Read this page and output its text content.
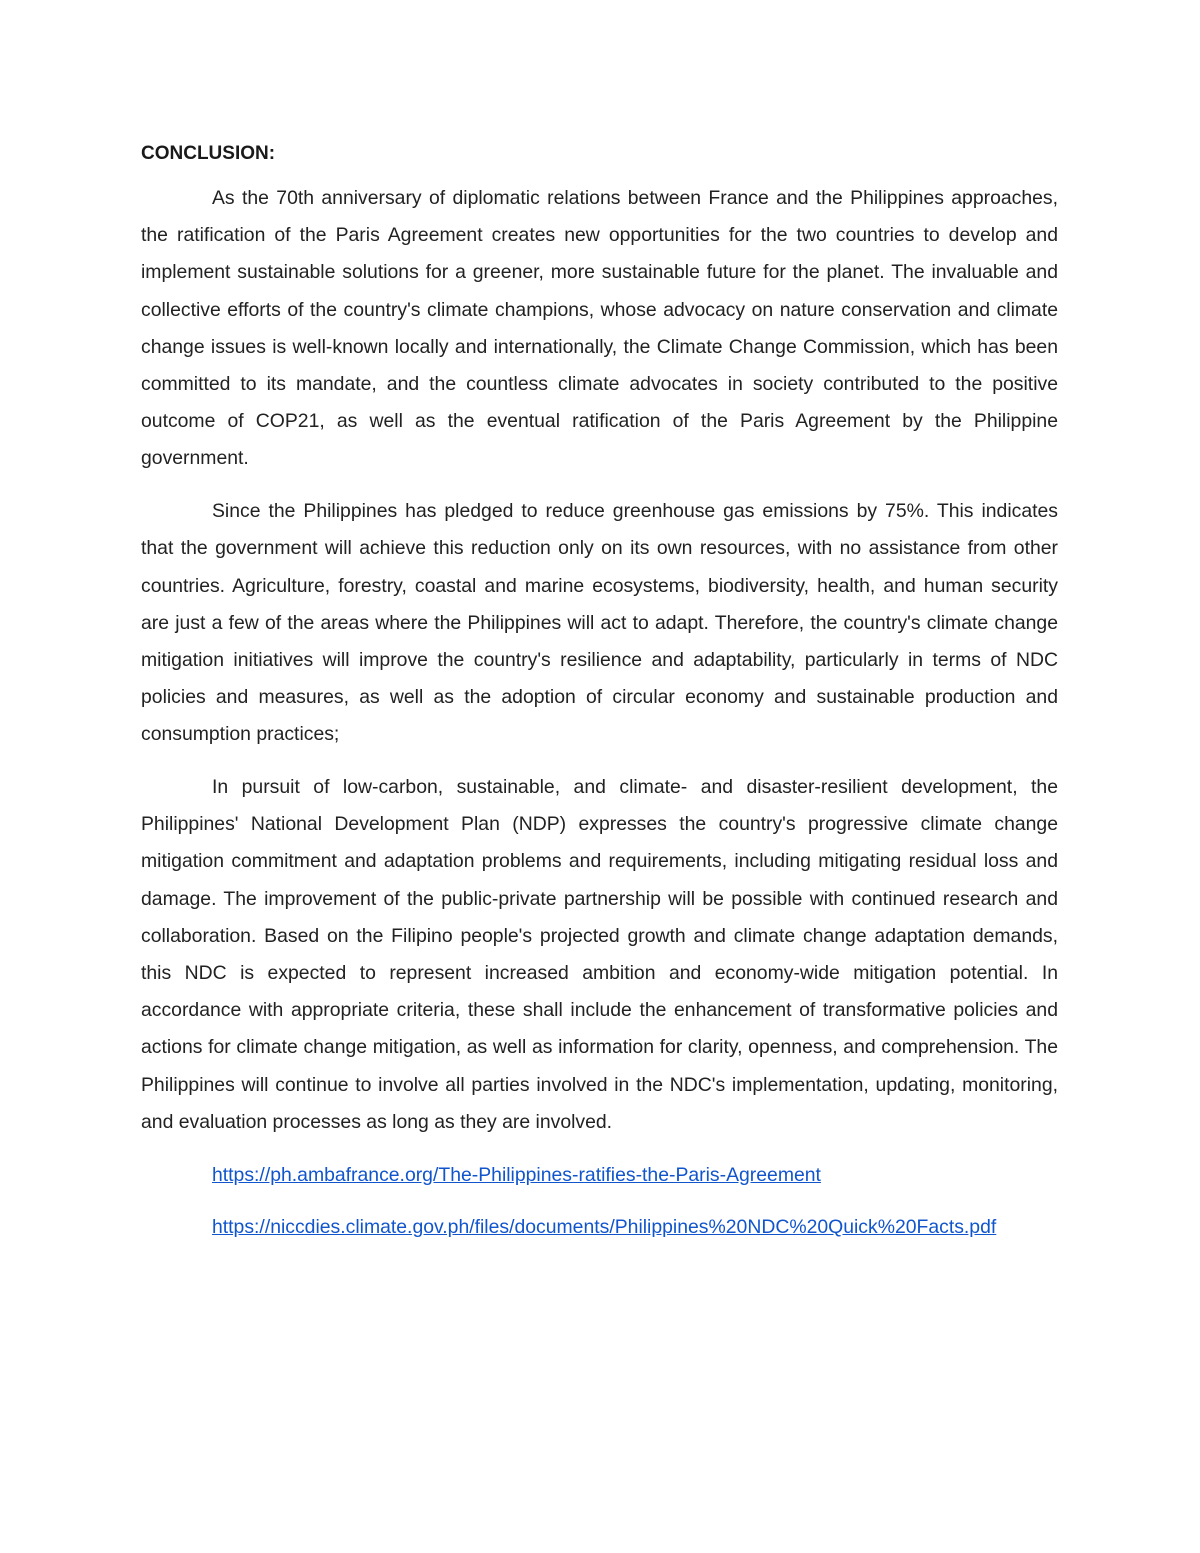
CONCLUSION:

As the 70th anniversary of diplomatic relations between France and the Philippines approaches, the ratification of the Paris Agreement creates new opportunities for the two countries to develop and implement sustainable solutions for a greener, more sustainable future for the planet. The invaluable and collective efforts of the country's climate champions, whose advocacy on nature conservation and climate change issues is well-known locally and internationally, the Climate Change Commission, which has been committed to its mandate, and the countless climate advocates in society contributed to the positive outcome of COP21, as well as the eventual ratification of the Paris Agreement by the Philippine government.

Since the Philippines has pledged to reduce greenhouse gas emissions by 75%. This indicates that the government will achieve this reduction only on its own resources, with no assistance from other countries. Agriculture, forestry, coastal and marine ecosystems, biodiversity, health, and human security are just a few of the areas where the Philippines will act to adapt. Therefore, the country's climate change mitigation initiatives will improve the country's resilience and adaptability, particularly in terms of NDC policies and measures, as well as the adoption of circular economy and sustainable production and consumption practices;

In pursuit of low-carbon, sustainable, and climate- and disaster-resilient development, the Philippines' National Development Plan (NDP) expresses the country's progressive climate change mitigation commitment and adaptation problems and requirements, including mitigating residual loss and damage. The improvement of the public-private partnership will be possible with continued research and collaboration. Based on the Filipino people's projected growth and climate change adaptation demands, this NDC is expected to represent increased ambition and economy-wide mitigation potential. In accordance with appropriate criteria, these shall include the enhancement of transformative policies and actions for climate change mitigation, as well as information for clarity, openness, and comprehension. The Philippines will continue to involve all parties involved in the NDC's implementation, updating, monitoring, and evaluation processes as long as they are involved.

https://ph.ambafrance.org/The-Philippines-ratifies-the-Paris-Agreement
https://niccdies.climate.gov.ph/files/documents/Philippines%20NDC%20Quick%20Facts.pdf
